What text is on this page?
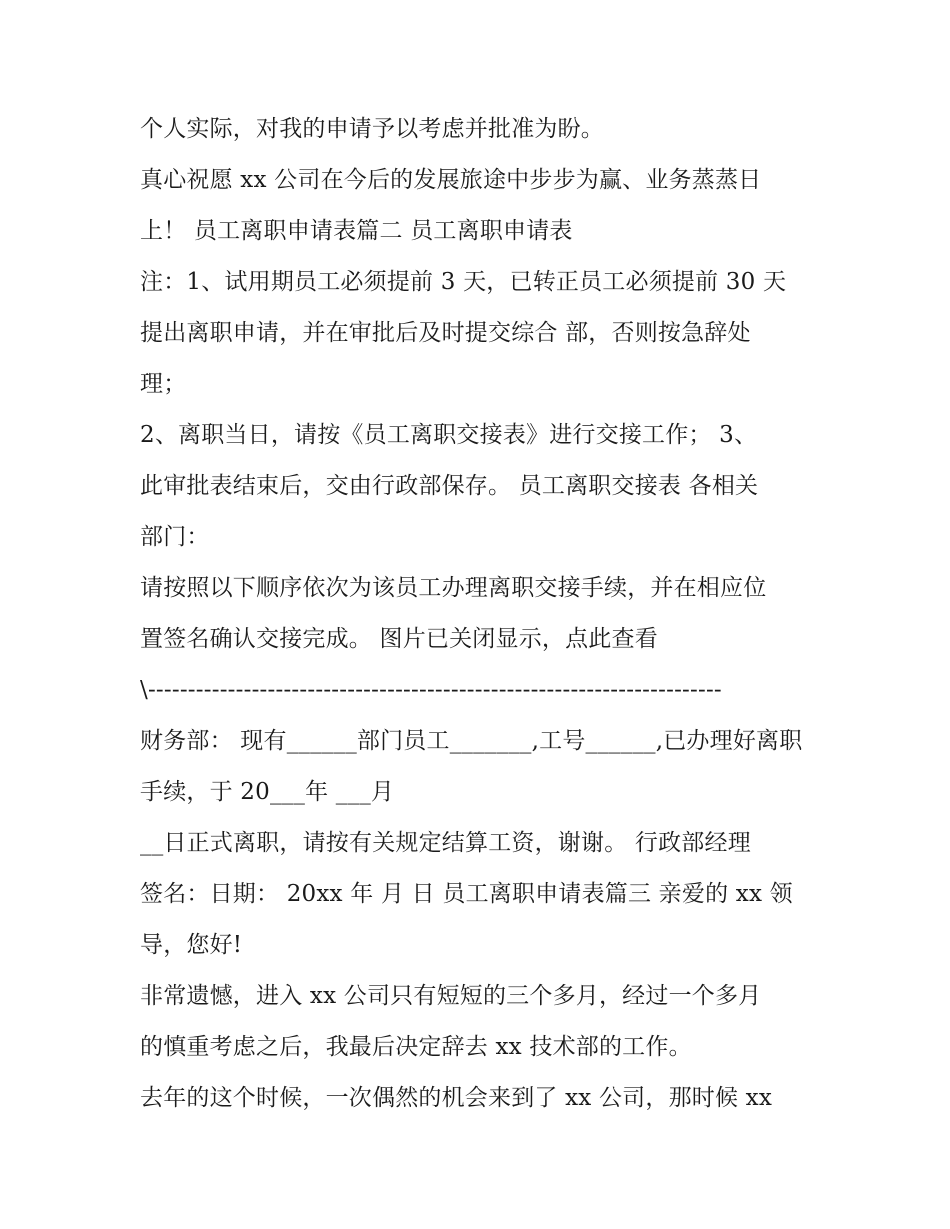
个人实际，对我的申请予以考虑并批准为盼。

真心祝愿 xx 公司在今后的发展旅途中步步为赢、业务蒸蒸日

上！ 员工离职申请表篇二 员工离职申请表

注：1、试用期员工必须提前 3 天，已转正员工必须提前 30 天

提出离职申请，并在审批后及时提交综合 部，否则按急辞处

理；

2、离职当日，请按《员工离职交接表》进行交接工作； 3、

此审批表结束后，交由行政部保存。 员工离职交接表 各相关

部门：

请按照以下顺序依次为该员工办理离职交接手续，并在相应位

置签名确认交接完成。 图片已关闭显示，点此查看

\------------------------------------------------------------------------

财务部： 现有______部门员工_______,工号______,已办理好离职

手续，于 20___年 ___月

__日正式离职，请按有关规定结算工资，谢谢。 行政部经理

签名：日期： 20xx 年 月 日 员工离职申请表篇三 亲爱的 xx 领

导，您好!

非常遗憾，进入 xx 公司只有短短的三个多月，经过一个多月

的慎重考虑之后，我最后决定辞去 xx 技术部的工作。

去年的这个时候，一次偶然的机会来到了 xx 公司，那时候 xx
